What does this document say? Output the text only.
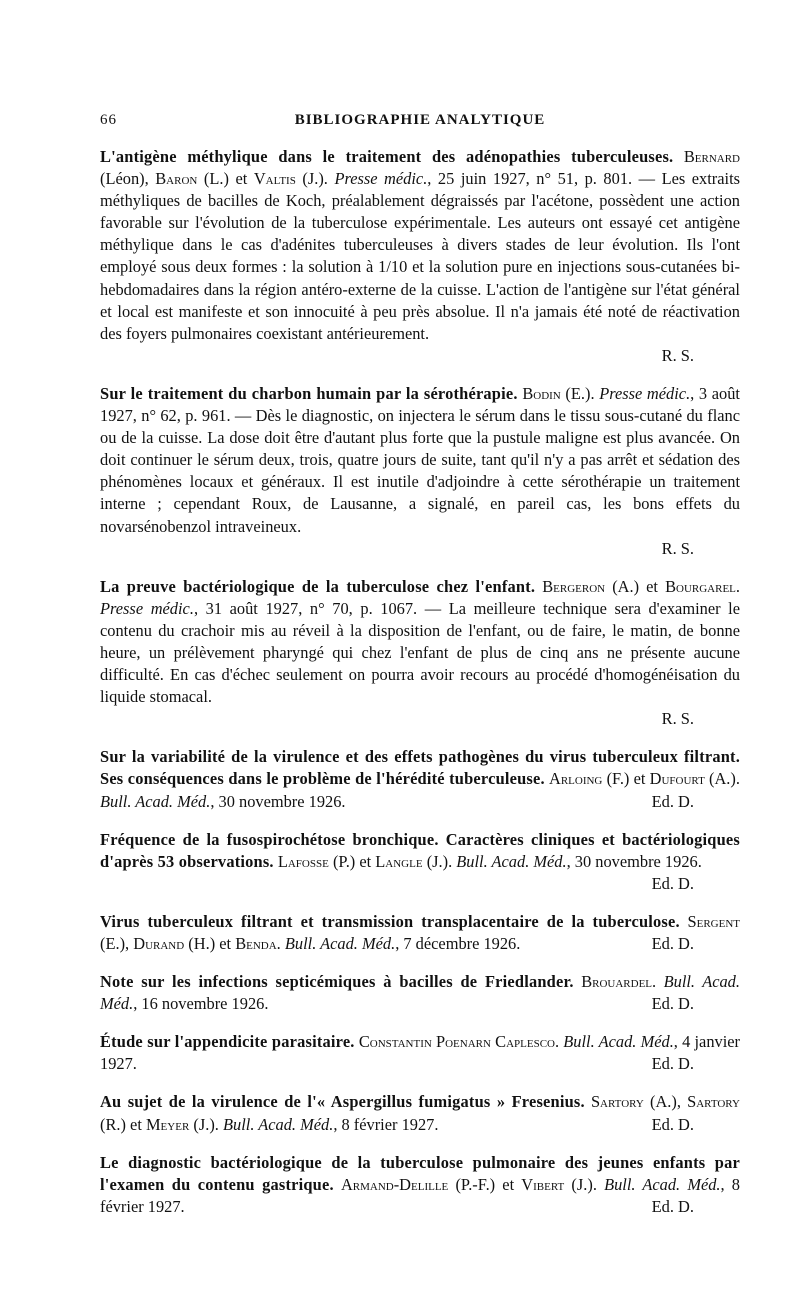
66	BIBLIOGRAPHIE ANALYTIQUE

L'antigène méthylique dans le traitement des adénopathies tuberculeuses. Bernard (Léon), Baron (L.) et Valtis (J.). Presse médic., 25 juin 1927, n° 51, p. 801. — Les extraits méthyliques de bacilles de Koch, préalablement dégraissés par l'acétone, possèdent une action favorable sur l'évolution de la tuberculose expérimentale. Les auteurs ont essayé cet antigène méthylique dans le cas d'adénites tuberculeuses à divers stades de leur évolution. Ils l'ont employé sous deux formes : la solution à 1/10 et la solution pure en injections sous-cutanées bi-hebdomadaires dans la région antéro-externe de la cuisse. L'action de l'antigène sur l'état général et local est manifeste et son innocuité à peu près absolue. Il n'a jamais été noté de réactivation des foyers pulmonaires coexistant antérieurement.
R. S.

Sur le traitement du charbon humain par la sérothérapie. Bodin (E.). Presse médic., 3 août 1927, n° 62, p. 961. — Dès le diagnostic, on injectera le sérum dans le tissu sous-cutané du flanc ou de la cuisse. La dose doit être d'autant plus forte que la pustule maligne est plus avancée. On doit continuer le sérum deux, trois, quatre jours de suite, tant qu'il n'y a pas arrêt et sédation des phénomènes locaux et généraux. Il est inutile d'adjoindre à cette sérothérapie un traitement interne ; cependant Roux, de Lausanne, a signalé, en pareil cas, les bons effets du novarsénobenzol intraveineux.
R. S.

La preuve bactériologique de la tuberculose chez l'enfant. Bergeron (A.) et Bourgarel. Presse médic., 31 août 1927, n° 70, p. 1067. — La meilleure technique sera d'examiner le contenu du crachoir mis au réveil à la disposition de l'enfant, ou de faire, le matin, de bonne heure, un prélèvement pharyngé qui chez l'enfant de plus de cinq ans ne présente aucune difficulté. En cas d'échec seulement on pourra avoir recours au procédé d'homogénéisation du liquide stomacal.
R. S.

Sur la variabilité de la virulence et des effets pathogènes du virus tuberculeux filtrant. Ses conséquences dans le problème de l'hérédité tuberculeuse. Arloing (F.) et Dufourt (A.). Bull. Acad. Méd., 30 novembre 1926.	Ed. D.

Fréquence de la fusospirochétose bronchique. Caractères cliniques et bactériologiques d'après 53 observations. Lafosse (P.) et Langle (J.). Bull. Acad. Méd., 30 novembre 1926.
Ed. D.

Virus tuberculeux filtrant et transmission transplacentaire de la tuberculose. Sergent (E.), Durand (H.) et Benda. Bull. Acad. Méd., 7 décembre 1926.	Ed. D.

Note sur les infections septicémiques à bacilles de Friedlander. Brouardel. Bull. Acad. Méd., 16 novembre 1926.	Ed. D.

Étude sur l'appendicite parasitaire. Constantin Poenarn Caplesco. Bull. Acad. Méd., 4 janvier 1927.	Ed. D.

Au sujet de la virulence de l'« Aspergillus fumigatus » Fresenius. Sartory (A.), Sartory (R.) et Meyer (J.). Bull. Acad. Méd., 8 février 1927.	Ed. D.

Le diagnostic bactériologique de la tuberculose pulmonaire des jeunes enfants par l'examen du contenu gastrique. Armand-Delille (P.-F.) et Vibert (J.). Bull. Acad. Méd., 8 février 1927.	Ed. D.
